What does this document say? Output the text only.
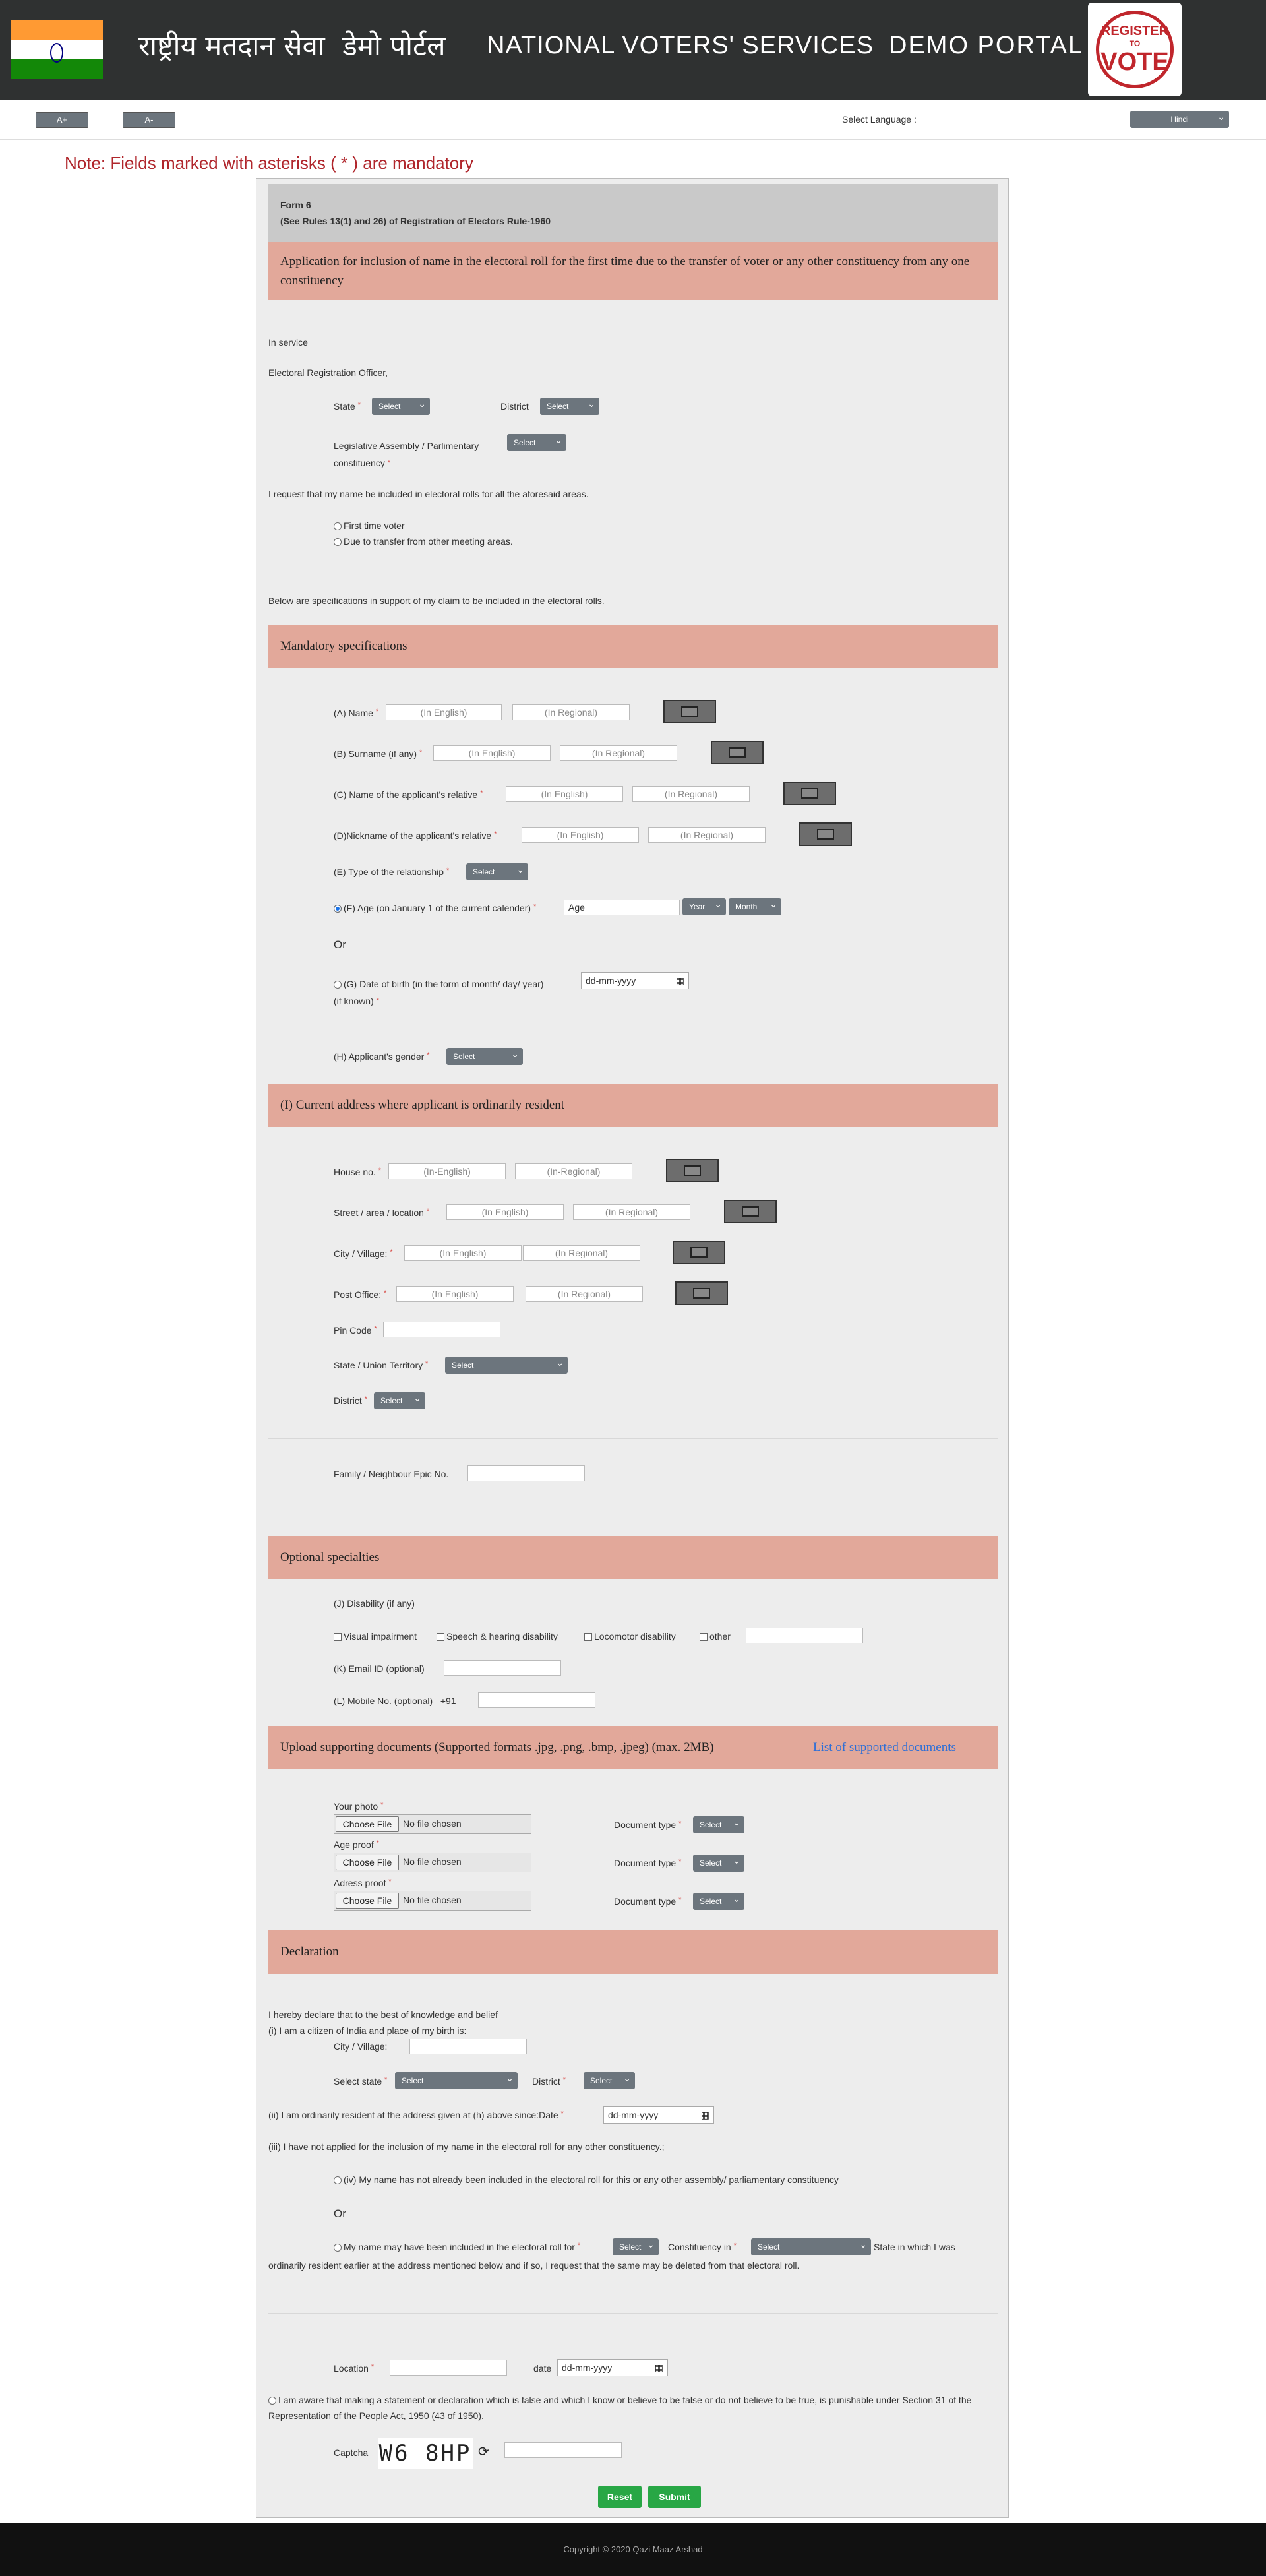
राष्ट्रीय मतदान सेवा डेमो पोर्टल NATIONAL VOTERS' SERVICES DEMO PORTAL
REGISTER
TO
VOTE
A+	A-	Select Language :	Hindi ⌄
Note: Fields marked with asterisks ( * ) are mandatory
Form 6
(See Rules 13(1) and 26) of Registration of Electors Rule-1960
Application for inclusion of name in the electoral roll for the first time due to the transfer of voter or any other constituency from any one constituency
In service
Electoral Registration Officer,
State *	Select ⌄	District	Select ⌄
Legislative Assembly / Parlimentary
constituency *
Select ⌄
I request that my name be included in electoral rolls for all the aforesaid areas.
First time voter
Due to transfer from other meeting areas.
Below are specifications in support of my claim to be included in the electoral rolls.
Mandatory specifications
(A) Name *	(In English)	(In Regional)
(B) Surname (if any) *	(In English)	(In Regional)
(C) Name of the applicant's relative *	(In English)	(In Regional)
(D)Nickname of the applicant's relative *	(In English)	(In Regional)
(E) Type of the relationship *	Select ⌄
(F) Age (on January 1 of the current calender) *	Age	Year ⌄	Month ⌄
Or
(G) Date of birth (in the form of month/ day/ year)
(if known) *
dd-mm-yyyy ▦
(H) Applicant's gender *	Select ⌄
(I) Current address where applicant is ordinarily resident
House no. *	(In-English)	(In-Regional)
Street / area / location *	(In English)	(In Regional)
City / Village: *	(In English)	(In Regional)
Post Office: *	(In English)	(In Regional)
Pin Code *
State / Union Territory *	Select ⌄
District *	Select ⌄
Family / Neighbour Epic No.
Optional specialties
(J) Disability (if any)
Visual impairment	Speech & hearing disability	Locomotor disability	other
(K) Email ID (optional)
(L) Mobile No. (optional) +91
Upload supporting documents (Supported formats .jpg, .png, .bmp, .jpeg) (max. 2MB)	List of supported documents
Your photo *
Choose File	No file chosen	Document type *	Select ⌄
Age proof *
Choose File	No file chosen	Document type *	Select ⌄
Adress proof *
Choose File	No file chosen	Document type *	Select ⌄
Declaration
I hereby declare that to the best of knowledge and belief
(i) I am a citizen of India and place of my birth is:
City / Village:
Select state *	Select ⌄	District *	Select ⌄
(ii) I am ordinarily resident at the address given at (h) above since:Date *	dd-mm-yyyy ▦
(iii) I have not applied for the inclusion of my name in the electoral roll for any other constituency.;
(iv) My name has not already been included in the electoral roll for this or any other assembly/ parliamentary constituency
Or
My name may have been included in the electoral roll for *	Select ⌄	Constituency in *	Select ⌄	State in which I was
ordinarily resident earlier at the address mentioned below and if so, I request that the same may be deleted from that electoral roll.
Location *	date	dd-mm-yyyy ▦
I am aware that making a statement or declaration which is false and which I know or believe to be false or do not believe to be true, is punishable under Section 31 of the Representation of the People Act, 1950 (43 of 1950).
Captcha W6 8HP ⟳
Reset	Submit
Copyright © 2020 Qazi Maaz Arshad
